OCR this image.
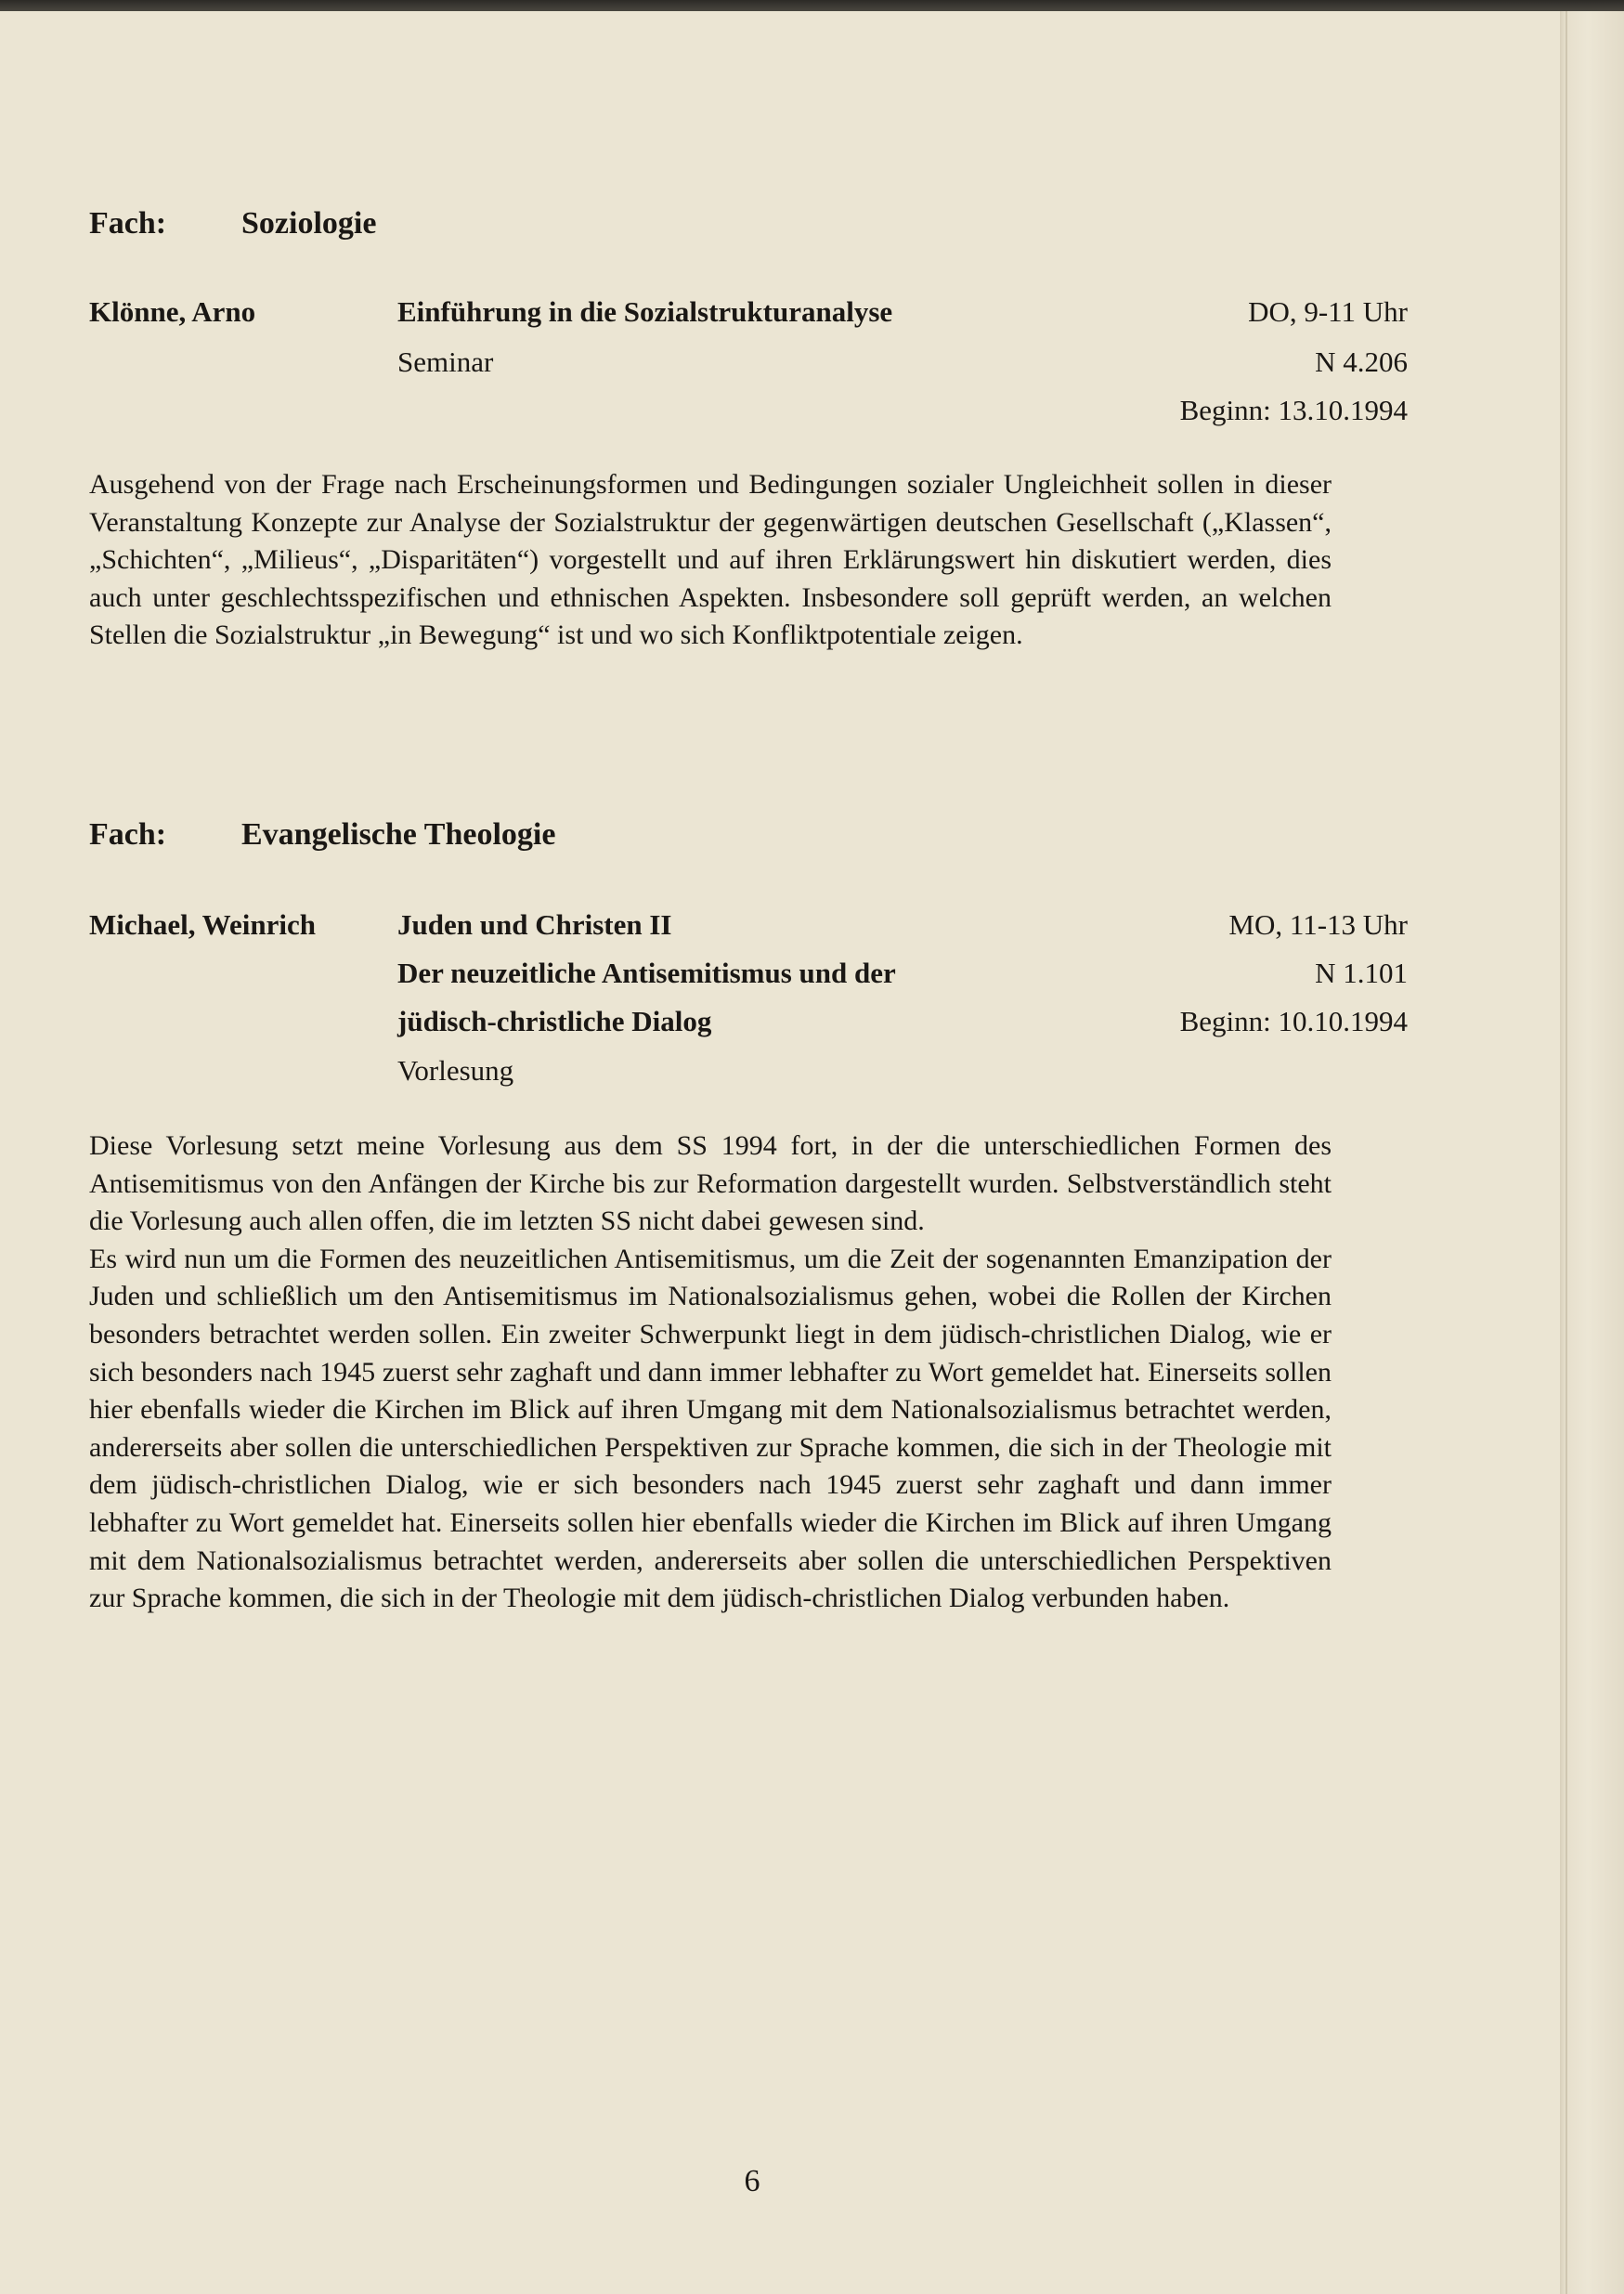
Fach: Soziologie
Klönne, Arno	Einführung in die Sozialstrukturanalyse	DO, 9-11 Uhr
Seminar	N 4.206
Beginn: 13.10.1994

Ausgehend von der Frage nach Erscheinungsformen und Bedingungen sozialer Ungleichheit sollen in dieser Veranstaltung Konzepte zur Analyse der Sozialstruktur der gegenwärtigen deutschen Gesellschaft („Klassen“, „Schichten“, „Milieus“, „Disparitäten“) vorgestellt und auf ihren Erklärungswert hin diskutiert werden, dies auch unter geschlechtsspezifischen und ethnischen Aspekten. Insbesondere soll geprüft werden, an welchen Stellen die Sozialstruktur „in Bewegung“ ist und wo sich Konfliktpotentiale zeigen.

Fach: Evangelische Theologie
Michael, Weinrich	Juden und Christen II	MO, 11-13 Uhr
Der neuzeitliche Antisemitismus und der	N 1.101
jüdisch-christliche Dialog	Beginn: 10.10.1994
Vorlesung

Diese Vorlesung setzt meine Vorlesung aus dem SS 1994 fort, in der die unterschiedlichen Formen des Antisemitismus von den Anfängen der Kirche bis zur Reformation dargestellt wurden. Selbstverständlich steht die Vorlesung auch allen offen, die im letzten SS nicht dabei gewesen sind.

Es wird nun um die Formen des neuzeitlichen Antisemitismus, um die Zeit der sogenannten Emanzipation der Juden und schließlich um den Antisemitismus im Nationalsozialismus gehen, wobei die Rollen der Kirchen besonders betrachtet werden sollen. Ein zweiter Schwerpunkt liegt in dem jüdisch-christlichen Dialog, wie er sich besonders nach 1945 zuerst sehr zaghaft und dann immer lebhafter zu Wort gemeldet hat. Einerseits sollen hier ebenfalls wieder die Kirchen im Blick auf ihren Umgang mit dem Nationalsozialismus betrachtet werden, andererseits aber sollen die unterschiedlichen Perspektiven zur Sprache kommen, die sich in der Theologie mit dem jüdisch-christlichen Dialog, wie er sich besonders nach 1945 zuerst sehr zaghaft und dann immer lebhafter zu Wort gemeldet hat. Einerseits sollen hier ebenfalls wieder die Kirchen im Blick auf ihren Umgang mit dem Nationalsozialismus betrachtet werden, andererseits aber sollen die unterschiedlichen Perspektiven zur Sprache kommen, die sich in der Theologie mit dem jüdisch-christlichen Dialog verbunden haben.

6
